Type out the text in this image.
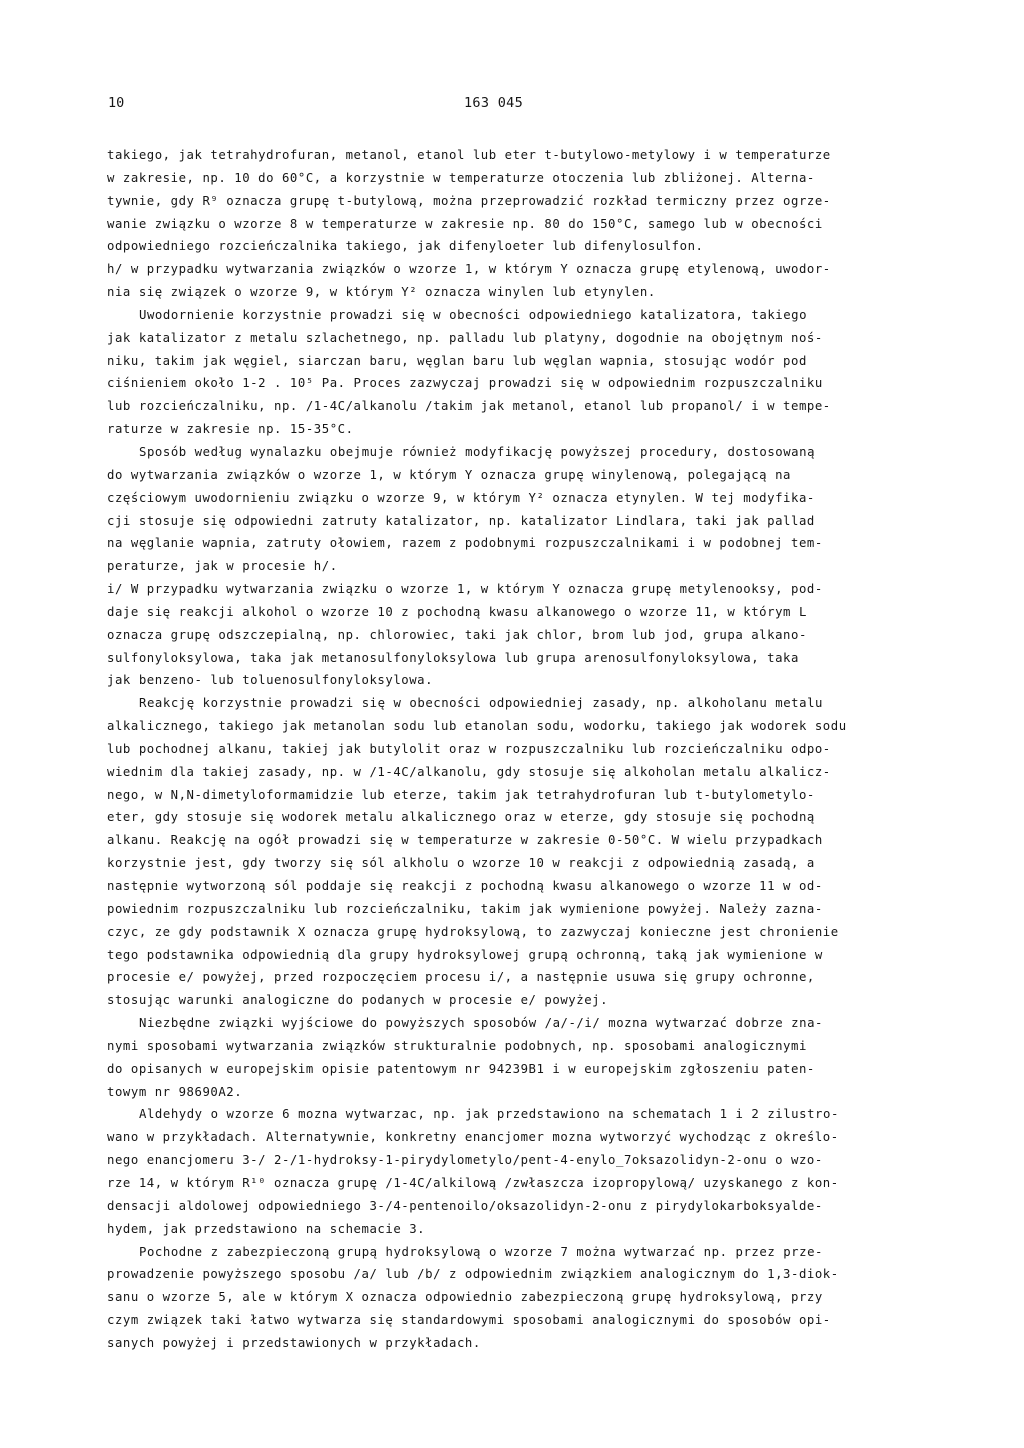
10	163 045
takiego, jak tetrahydrofuran, metanol, etanol lub eter t-butylowo-metylowy i w temperaturze
w zakresie, np. 10 do 60°C, a korzystnie w temperaturze otoczenia lub zbliżonej. Alterna-
tywnie, gdy R⁹ oznacza grupę t-butylową, można przeprowadzić rozkład termiczny przez ogrze-
wanie związku o wzorze 8 w temperaturze w zakresie np. 80 do 150°C, samego lub w obecności
odpowiedniego rozcieńczalnika takiego, jak difenyloeter lub difenylosulfon.
h/ w przypadku wytwarzania związków o wzorze 1, w którym Y oznacza grupę etylenową, uwodor-
nia się związek o wzorze 9, w którym Y² oznacza winylen lub etynylen.
Uwodornienie korzystnie prowadzi się w obecności odpowiedniego katalizatora, takiego
jak katalizator z metalu szlachetnego, np. palladu lub platyny, dogodnie na obojętnym noś-
niku, takim jak węgiel, siarczan baru, węglan baru lub węglan wapnia, stosując wodór pod
ciśnieniem około 1-2 . 10⁵ Pa. Proces zazwyczaj prowadzi się w odpowiednim rozpuszczalniku
lub rozcieńczalniku, np. /1-4C/alkanolu /takim jak metanol, etanol lub propanol/ i w tempe-
raturze w zakresie np. 15-35°C.
Sposób według wynalazku obejmuje również modyfikację powyższej procedury, dostosowaną
do wytwarzania związków o wzorze 1, w którym Y oznacza grupę winylenową, polegającą na
częściowym uwodornieniu związku o wzorze 9, w którym Y² oznacza etynylen. W tej modyfika-
cji stosuje się odpowiedni zatruty katalizator, np. katalizator Lindlara, taki jak pallad
na węglanie wapnia, zatruty ołowiem, razem z podobnymi rozpuszczalnikami i w podobnej tem-
peraturze, jak w procesie h/.
i/ W przypadku wytwarzania związku o wzorze 1, w którym Y oznacza grupę metylenooksy, pod-
daje się reakcji alkohol o wzorze 10 z pochodną kwasu alkanowego o wzorze 11, w którym L
oznacza grupę odszczepialną, np. chlorowiec, taki jak chlor, brom lub jod, grupa alkano-
sulfonyloksylowa, taka jak metanosulfonyloksylowa lub grupa arenosulfonyloksylowa, taka
jak benzeno- lub toluenosulfonyloksylowa.
Reakcję korzystnie prowadzi się w obecności odpowiedniej zasady, np. alkoholanu metalu
alkalicznego, takiego jak metanolan sodu lub etanolan sodu, wodorku, takiego jak wodorek sodu
lub pochodnej alkanu, takiej jak butylolit oraz w rozpuszczalniku lub rozcieńczalniku odpo-
wiednim dla takiej zasady, np. w /1-4C/alkanolu, gdy stosuje się alkoholan metalu alkalicz-
nego, w N,N-dimetyloformamidzie lub eterze, takim jak tetrahydrofuran lub t-butylometylo-
eter, gdy stosuje się wodorek metalu alkalicznego oraz w eterze, gdy stosuje się pochodną
alkanu. Reakcję na ogół prowadzi się w temperaturze w zakresie 0-50°C. W wielu przypadkach
korzystnie jest, gdy tworzy się sól alkholu o wzorze 10 w reakcji z odpowiednią zasadą, a
następnie wytworzoną sól poddaje się reakcji z pochodną kwasu alkanowego o wzorze 11 w od-
powiednim rozpuszczalniku lub rozcieńczalniku, takim jak wymienione powyżej. Należy zazna-
czyc, ze gdy podstawnik X oznacza grupę hydroksylową, to zazwyczaj konieczne jest chronienie
tego podstawnika odpowiednią dla grupy hydroksylowej grupą ochronną, taką jak wymienione w
procesie e/ powyżej, przed rozpoczęciem procesu i/, a następnie usuwa się grupy ochronne,
stosując warunki analogiczne do podanych w procesie e/ powyżej.
Niezbędne związki wyjściowe do powyższych sposobów /a/-/i/ mozna wytwarzać dobrze zna-
nymi sposobami wytwarzania związków strukturalnie podobnych, np. sposobami analogicznymi
do opisanych w europejskim opisie patentowym nr 94239B1 i w europejskim zgłoszeniu paten-
towym nr 98690A2.
Aldehydy o wzorze 6 mozna wytwarzac, np. jak przedstawiono na schematach 1 i 2 zilustro-
wano w przykładach. Alternatywnie, konkretny enancjomer mozna wytworzyć wychodząc z określo-
nego enancjomeru 3-/ 2-/1-hydroksy-1-pirydylometylo/pent-4-enylo_7oksazolidyn-2-onu o wzo-
rze 14, w którym R¹⁰ oznacza grupę /1-4C/alkilową /zwłaszcza izopropylową/ uzyskanego z kon-
densacji aldolowej odpowiedniego 3-/4-pentenoilo/oksazolidyn-2-onu z pirydylokarboksyalde-
hydem, jak przedstawiono na schemacie 3.
Pochodne z zabezpieczoną grupą hydroksylową o wzorze 7 można wytwarzać np. przez prze-
prowadzenie powyższego sposobu /a/ lub /b/ z odpowiednim związkiem analogicznym do 1,3-diok-
sanu o wzorze 5, ale w którym X oznacza odpowiednio zabezpieczoną grupę hydroksylową, przy
czym związek taki łatwo wytwarza się standardowymi sposobami analogicznymi do sposobów opi-
sanych powyżej i przedstawionych w przykładach.
